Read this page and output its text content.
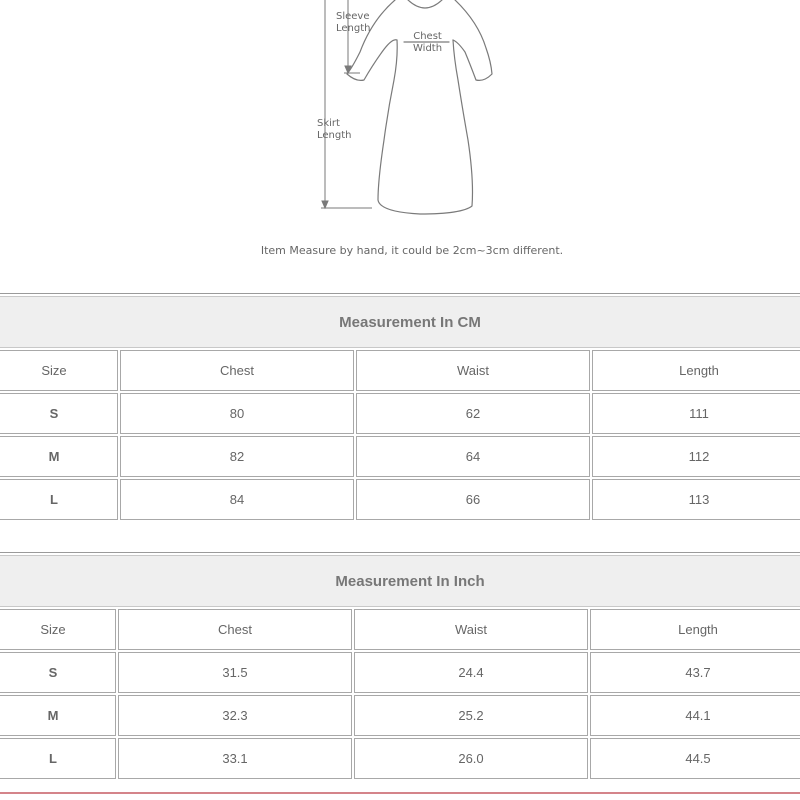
Sleeve
Length
Chest
Width
Skirt
Length
Item Measure by hand, it could be 2cm~3cm different.
Measurement In CM			
Size	Chest	Waist	Length
S	80	62	111
M	82	64	112
L	84	66	113
Measurement In Inch			
Size	Chest	Waist	Length
S	31.5	24.4	43.7
M	32.3	25.2	44.1
L	33.1	26.0	44.5
